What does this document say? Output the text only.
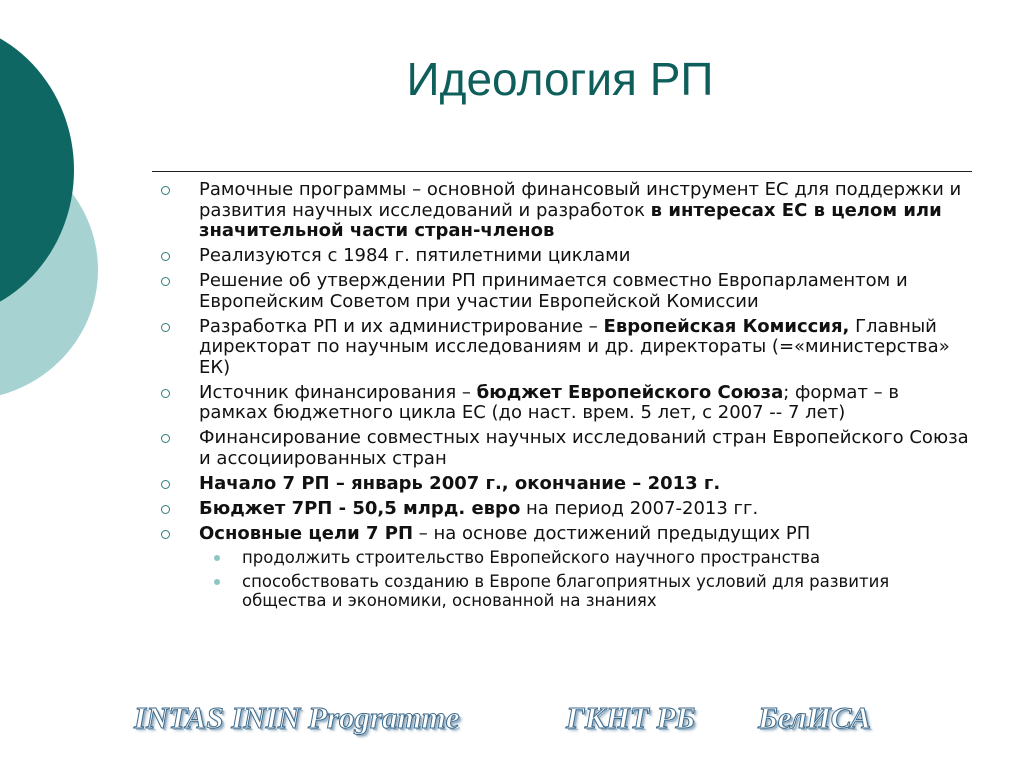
Идеология РП
Рамочные программы – основной финансовый инструмент ЕС для поддержки и развития научных исследований и разработок в интересах ЕС в целом или значительной части стран-членов
Реализуются с 1984 г. пятилетними циклами
Решение об утверждении РП принимается совместно Европарламентом и Европейским Советом при участии Европейской Комиссии
Разработка РП и их администрирование – Европейская Комиссия, Главный директорат по научным исследованиям и др. директораты (=«министерства» ЕК)
Источник финансирования – бюджет Европейского Союза; формат – в рамках бюджетного цикла ЕС (до наст. врем. 5 лет, с 2007 -- 7 лет)
Финансирование совместных научных исследований стран Европейского Союза и ассоциированных стран
Начало 7 РП – январь 2007 г., окончание – 2013 г.
Бюджет 7РП - 50,5 млрд. евро на период 2007-2013 гг.
Основные цели 7 РП – на основе достижений предыдущих РП
продолжить строительство Европейского научного пространства
способствовать созданию в Европе благоприятных условий для развития общества и экономики, основанной на знаниях
INTAS ININ Programme	ГКНТ РБ БелИСА
